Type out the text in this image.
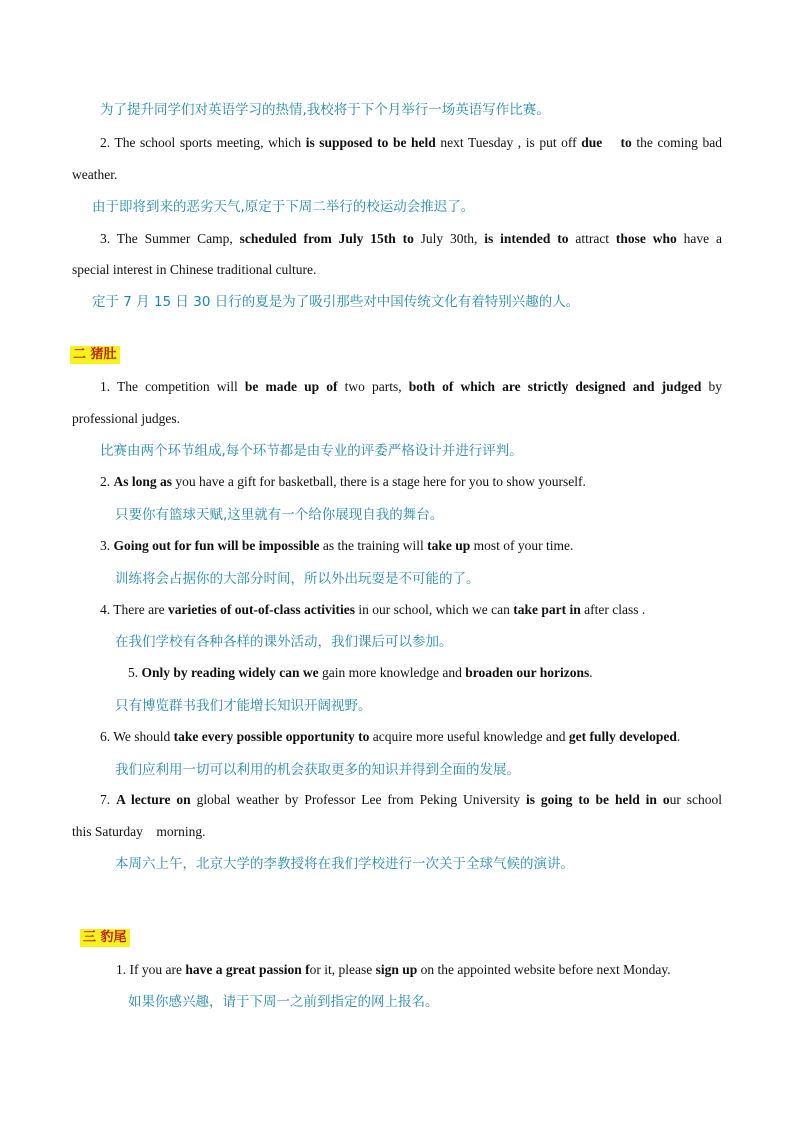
为了提升同学们对英语学习的热情,我校将于下个月举行一场英语写作比赛。
2. The school sports meeting, which is supposed to be held next Tuesday , is put off due to the coming bad
weather.
由于即将到来的恶劣天气,原定于下周二举行的校运动会推迟了。
3. The Summer Camp, scheduled from July 15th to July 30th, is intended to attract those who have a
special interest in Chinese traditional culture.
定于 7 月 15 日 30 日行的夏是为了吸引那些对中国传统文化有着特别兴趣的人。
二 猪肚
1. The competition will be made up of two parts, both of which are strictly designed and judged by
professional judges.
比赛由两个环节组成,每个环节都是由专业的评委严格设计并进行评判。
2. As long as you have a gift for basketball, there is a stage here for you to show yourself.
只要你有篮球天赋,这里就有一个给你展现自我的舞台。
3. Going out for fun will be impossible as the training will take up most of your time.
训练将会占据你的大部分时间，所以外出玩耍是不可能的了。
4. There are varieties of out-of-class activities in our school, which we can take part in after class .
在我们学校有各种各样的课外活动，我们课后可以参加。
5. Only by reading widely can we gain more knowledge and broaden our horizons.
只有博览群书我们才能增长知识开阔视野。
6. We should take every possible opportunity to acquire more useful knowledge and get fully developed.
我们应利用一切可以利用的机会获取更多的知识并得到全面的发展。
7. A lecture on global weather by Professor Lee from Peking University is going to be held in our school
this Saturday    morning.
本周六上午，北京大学的李教授将在我们学校进行一次关于全球气候的演讲。
三 豹尾
1. If you are have a great passion for it, please sign up on the appointed website before next Monday.
如果你感兴趣，请于下周一之前到指定的网上报名。
